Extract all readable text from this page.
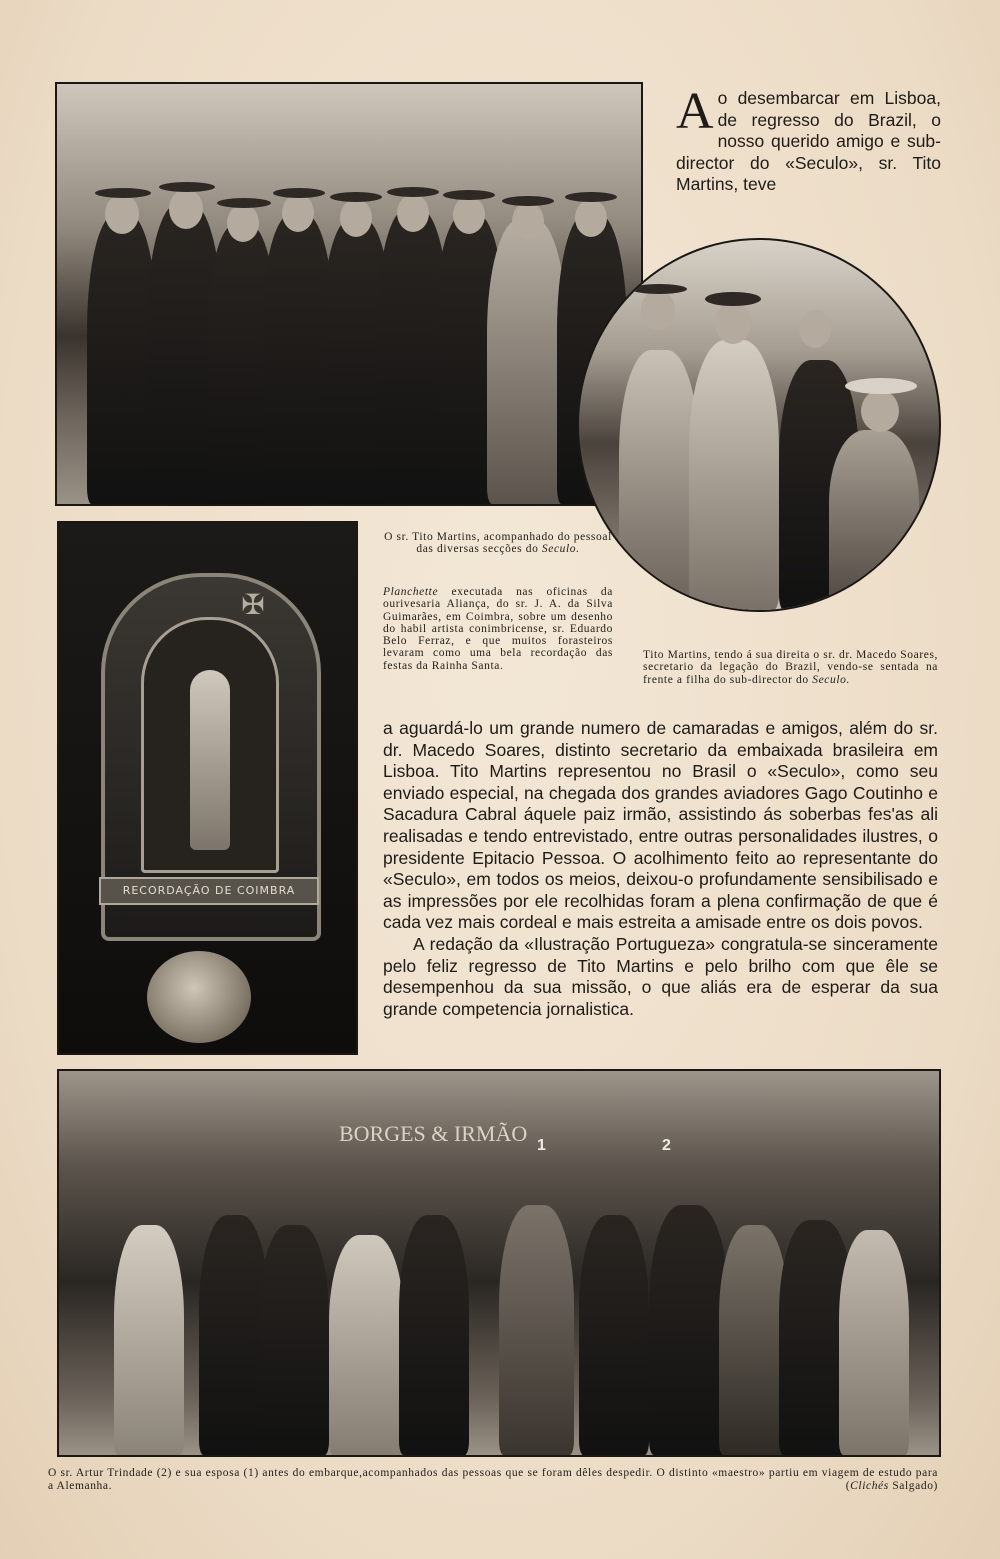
Ao desembarcar em Lisboa, de regresso do Brazil, o nosso querido amigo e sub-director do «Seculo», sr. Tito Martins, teve
✠
RECORDAÇÃO DE COIMBRA
O sr. Tito Martins, acompanhado do pessoal das diversas secções do Seculo.
Planchette executada nas oficinas da ourivesaria Aliança, do sr. J. A. da Silva Guimarães, em Coimbra, sobre um desenho do habil artista conimbricense, sr. Eduardo Belo Ferraz, e que muitos forasteiros levaram como uma bela recordação das festas da Rainha Santa.
Tito Martins, tendo á sua direita o sr. dr. Macedo Soares, secretario da legação do Brazil, vendo-se sentada na frente a filha do sub-director do Seculo.

a aguardá-lo um grande numero de camaradas e amigos, além do sr. dr. Macedo Soares, distinto secretario da embaixada brasileira em Lisboa. Tito Martins representou no Brasil o «Seculo», como seu enviado especial, na chegada dos grandes aviadores Gago Coutinho e Sacadura Cabral áquele paiz irmão, assistindo ás soberbas fes'as ali realisadas e tendo entrevistado, entre outras personalidades ilustres, o presidente Epitacio Pessoa. O acolhimento feito ao representante do «Seculo», em todos os meios, deixou-o profundamente sensibilisado e as impressões por ele recolhidas foram a plena confirmação de que é cada vez mais cordeal e mais estreita a amisade entre os dois povos.

A redação da «Ilustração Portugueza» congratula-se sinceramente pelo feliz regresso de Tito Martins e pelo brilho com que êle se desempenhou da sua missão, o que aliás era de esperar da sua grande competencia jornalistica.

BORGES & IRMÃO 1	2
O sr. Artur Trindade (2) e sua esposa (1) antes do embarque,acompanhados das pessoas que se foram dêles despedir. O distinto «maestro» partiu em viagem de estudo para a Alemanha.	(Clichés Salgado)
